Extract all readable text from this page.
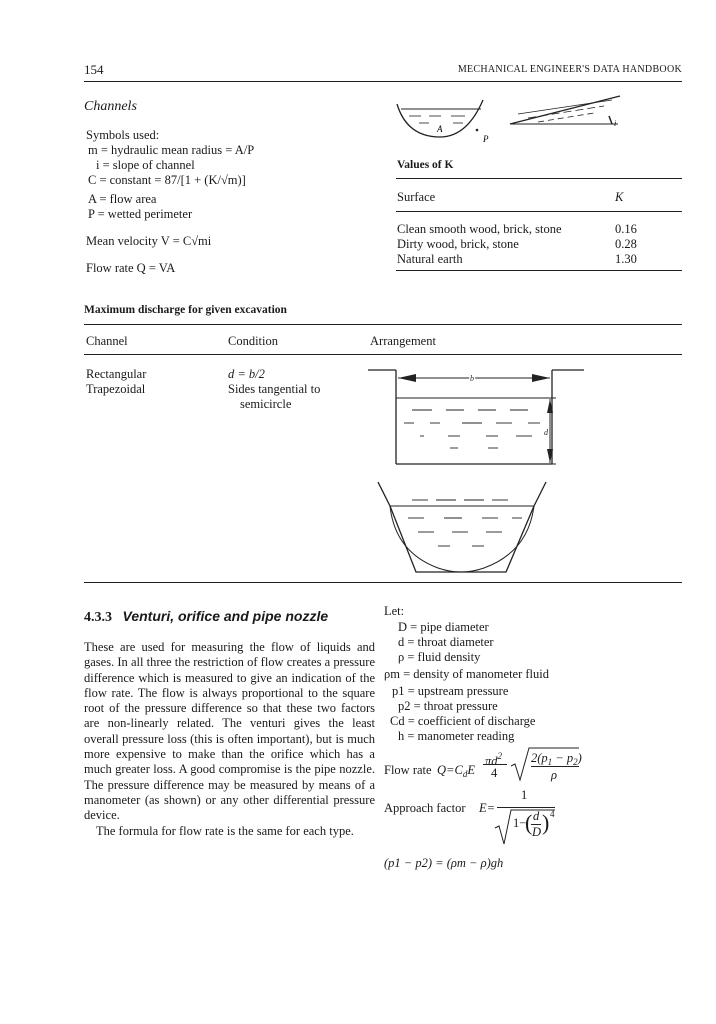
154	MECHANICAL ENGINEER'S DATA HANDBOOK
Channels
Symbols used:
m = hydraulic mean radius = A/P
i = slope of channel
C = constant = 87/[1 + (K/√m)]
A = flow area
P = wetted perimeter
Mean velocity V = C√mi
Flow rate Q = VA
A
P
i
Values of K
Surface	K
Clean smooth wood, brick, stone	0.16
Dirty wood, brick, stone	0.28
Natural earth	1.30
Maximum discharge for given excavation
Channel	Condition	Arrangement
Rectangular	d = b/2
Trapezoidal	Sides tangential to
semicircle
b
d
4.3.3 Venturi, orifice and pipe nozzle

These are used for measuring the flow of liquids and gases. In all three the restriction of flow creates a pressure difference which is measured to give an indication of the flow rate. The flow is always proportional to the square root of the pressure difference so that these two factors are non-linearly related. The venturi gives the least overall pressure loss (this is often important), but is much more expensive to make than the orifice which has a much greater loss. A good compromise is the pipe nozzle. The pressure difference may be measured by means of a manometer (as shown) or any other differential pressure device.

The formula for flow rate is the same for each type.

Let:
D = pipe diameter
d = throat diameter
ρ = fluid density
ρm = density of manometer fluid
p1 = upstream pressure
p2 = throat pressure
Cd = coefficient of discharge
h = manometer reading
Flow rate $Q=C_dE$
$\pi d^2$
4
$2(p_1 - p_2)$
ρ
Approach factor E=
1
1−
( d
D ) 4
(p1 − p2) = (ρm − ρ)gh
